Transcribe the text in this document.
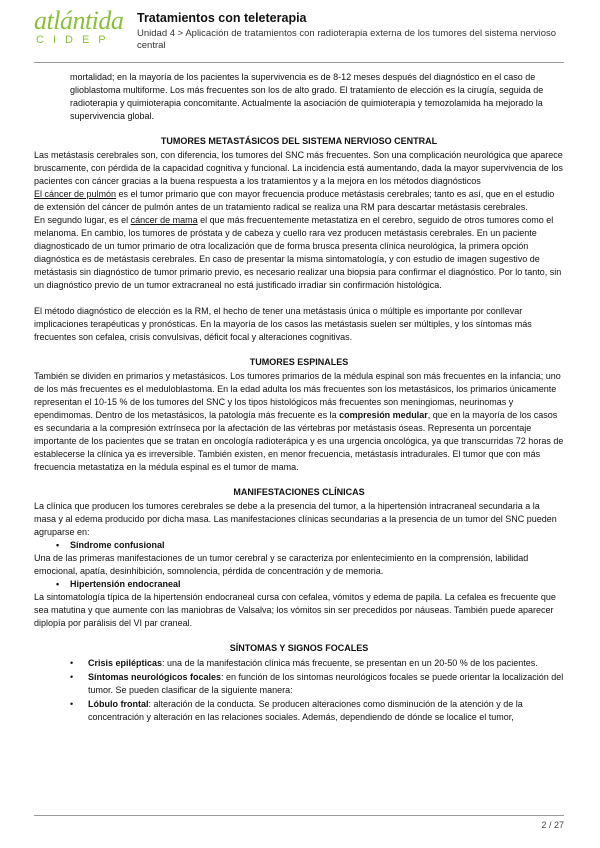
atlántida
CIDEP
Tratamientos con teleterapia
Unidad 4 > Aplicación de tratamientos con radioterapia externa de los tumores del sistema nervioso central

mortalidad; en la mayoría de los pacientes la supervivencia es de 8-12 meses después del diagnóstico en el caso de glioblastoma multiforme. Los más frecuentes son los de alto grado. El tratamiento de elección es la cirugía, seguida de radioterapia y quimioterapia concomitante. Actualmente la asociación de quimioterapia y temozolamida ha mejorado la supervivencia global.

TUMORES METASTÁSICOS DEL SISTEMA NERVIOSO CENTRAL

Las metástasis cerebrales son, con diferencia, los tumores del SNC más frecuentes. Son una complicación neurológica que aparece bruscamente, con pérdida de la capacidad cognitiva y funcional. La incidencia está aumentando, dada la mayor supervivencia de los pacientes con cáncer gracias a la buena respuesta a los tratamientos y a la mejora en los métodos diagnósticos

El cáncer de pulmón es el tumor primario que con mayor frecuencia produce metástasis cerebrales; tanto es así, que en el estudio de extensión del cáncer de pulmón antes de un tratamiento radical se realiza una RM para descartar metástasis cerebrales.

En segundo lugar, es el cáncer de mama el que más frecuentemente metastatiza en el cerebro, seguido de otros tumores como el melanoma. En cambio, los tumores de próstata y de cabeza y cuello rara vez producen metástasis cerebrales. En un paciente diagnosticado de un tumor primario de otra localización que de forma brusca presenta clínica neurológica, la primera opción diagnóstica es de metástasis cerebrales. En caso de presentar la misma sintomatología, y con estudio de imagen sugestivo de metástasis sin diagnóstico de tumor primario previo, es necesario realizar una biopsia para confirmar el diagnóstico. Por lo tanto, sin un diagnóstico previo de un tumor extracraneal no está justificado irradiar sin confirmación histológica.

El método diagnóstico de elección es la RM, el hecho de tener una metástasis única o múltiple es importante por conllevar implicaciones terapéuticas y pronósticas. En la mayoría de los casos las metástasis suelen ser múltiples, y los síntomas más frecuentes son cefalea, crisis convulsivas, déficit focal y alteraciones cognitivas.

TUMORES ESPINALES

También se dividen en primarios y metastásicos. Los tumores primarios de la médula espinal son más frecuentes en la infancia; uno de los más frecuentes es el meduloblastoma. En la edad adulta los más frecuentes son los metastásicos, los primarios únicamente representan el 10-15 % de los tumores del SNC y los tipos histológicos más frecuentes son meningiomas, neurinomas y ependimomas. Dentro de los metastásicos, la patología más frecuente es la compresión medular, que en la mayoría de los casos es secundaria a la compresión extrínseca por la afectación de las vértebras por metástasis óseas. Representa un porcentaje importante de los pacientes que se tratan en oncología radioterápica y es una urgencia oncológica, ya que transcurridas 72 horas de establecerse la clínica ya es irreversible. También existen, en menor frecuencia, metástasis intradurales. El tumor que con más frecuencia metastatiza en la médula espinal es el tumor de mama.

MANIFESTACIONES CLÍNICAS

La clínica que producen los tumores cerebrales se debe a la presencia del tumor, a la hipertensión intracraneal secundaria a la masa y al edema producido por dicha masa. Las manifestaciones clínicas secundarias a la presencia de un tumor del SNC pueden agruparse en:

• Síndrome confusional

Una de las primeras manifestaciones de un tumor cerebral y se caracteriza por enlentecimiento en la comprensión, labilidad emocional, apatía, desinhibición, somnolencia, pérdida de concentración y de memoria.

• Hipertensión endocraneal

La sintomatología típica de la hipertensión endocraneal cursa con cefalea, vómitos y edema de papila. La cefalea es frecuente que sea matutina y que aumente con las maniobras de Valsalva; los vómitos sin ser precedidos por náuseas. También puede aparecer diplopía por parálisis del VI par craneal.

SÍNTOMAS Y SIGNOS FOCALES
• Crisis epilépticas: una de la manifestación clínica más frecuente, se presentan en un 20-50 % de los pacientes.
• Síntomas neurológicos focales: en función de los síntomas neurológicos focales se puede orientar la localización del tumor. Se pueden clasificar de la siguiente manera:
• Lóbulo frontal: alteración de la conducta. Se producen alteraciones como disminución de la atención y de la concentración y alteración en las relaciones sociales. Además, dependiendo de dónde se localice el tumor,
2 / 27
